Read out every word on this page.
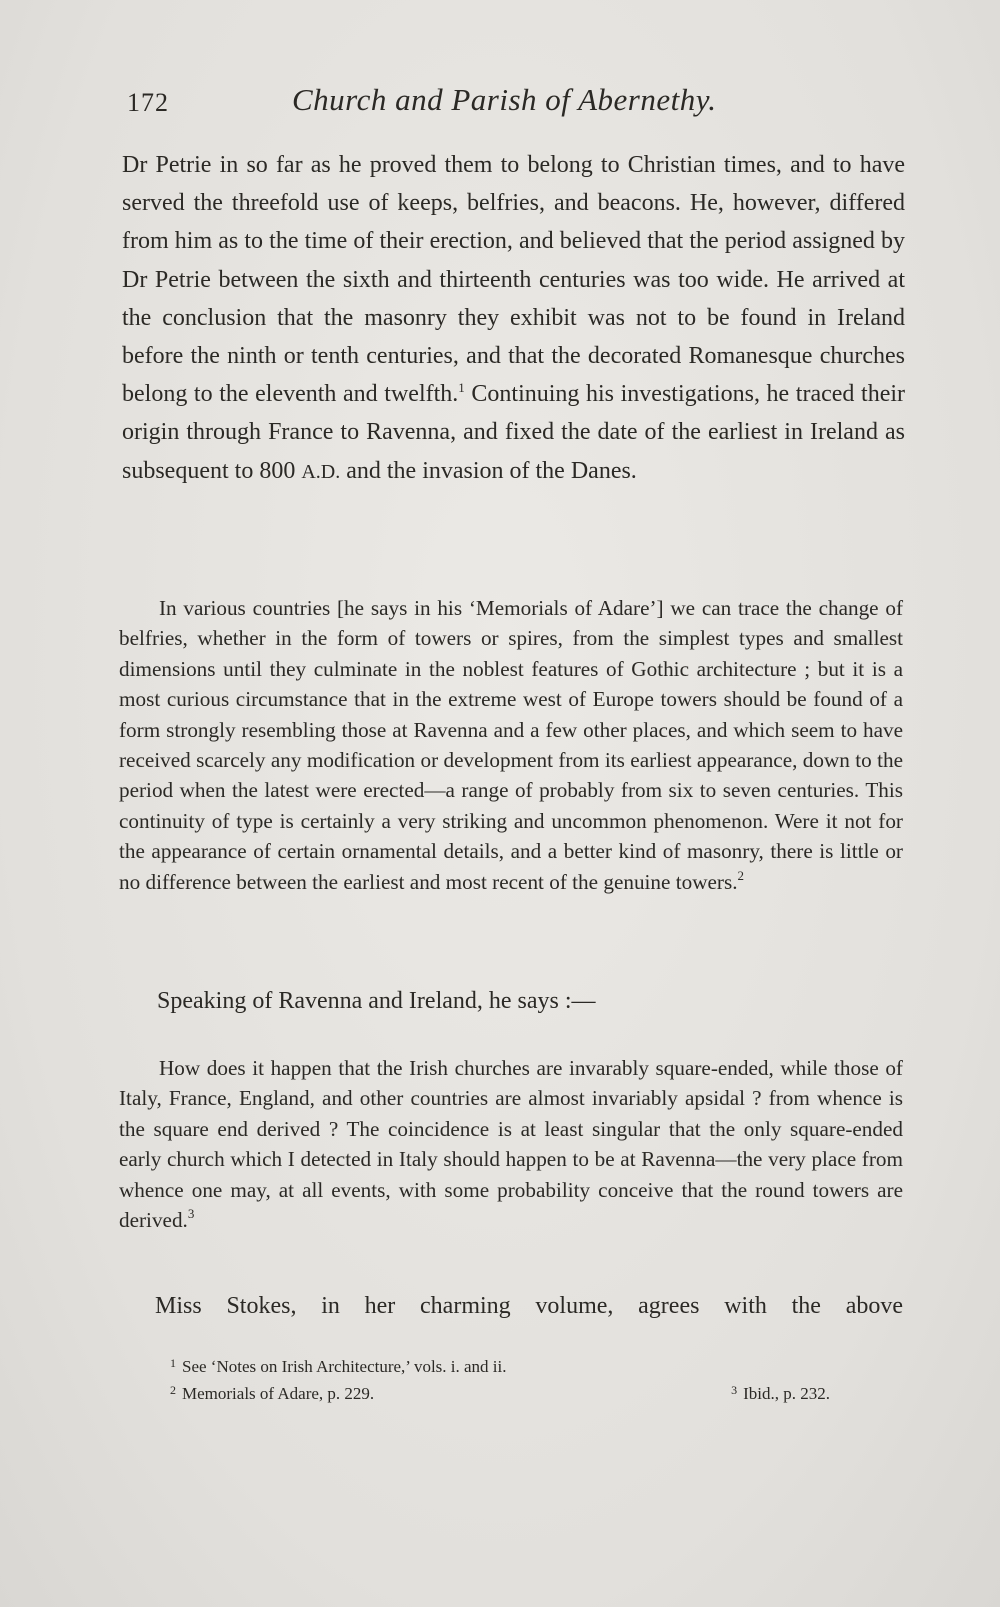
172	Church and Parish of Abernethy.

Dr Petrie in so far as he proved them to belong to Christian times, and to have served the threefold use of keeps, belfries, and beacons. He, however, differed from him as to the time of their erection, and believed that the period assigned by Dr Petrie between the sixth and thirteenth centuries was too wide. He arrived at the conclusion that the masonry they exhibit was not to be found in Ireland before the ninth or tenth centuries, and that the decorated Romanesque churches belong to the eleventh and twelfth.$^1$ Continuing his investigations, he traced their origin through France to Ravenna, and fixed the date of the earliest in Ireland as subsequent to 800 A.D. and the invasion of the Danes.

In various countries [he says in his ‘Memorials of Adare’] we can trace the change of belfries, whether in the form of towers or spires, from the simplest types and smallest dimensions until they culminate in the noblest features of Gothic architecture ; but it is a most curious circumstance that in the extreme west of Europe towers should be found of a form strongly resembling those at Ravenna and a few other places, and which seem to have received scarcely any modification or development from its earliest appearance, down to the period when the latest were erected—a range of probably from six to seven centuries. This continuity of type is certainly a very striking and uncommon phenomenon. Were it not for the appearance of certain ornamental details, and a better kind of masonry, there is little or no difference between the earliest and most recent of the genuine towers.$^2$

Speaking of Ravenna and Ireland, he says :—

How does it happen that the Irish churches are invarably square-ended, while those of Italy, France, England, and other countries are almost invariably apsidal ? from whence is the square end derived ? The coincidence is at least singular that the only square-ended early church which I detected in Italy should happen to be at Ravenna—the very place from whence one may, at all events, with some probability conceive that the round towers are derived.$^3$

Miss Stokes, in her charming volume, agrees with the above

$^1$ See ‘Notes on Irish Architecture,’ vols. i. and ii.
$^2$ Memorials of Adare, p. 229.	$^3$ Ibid., p. 232.
